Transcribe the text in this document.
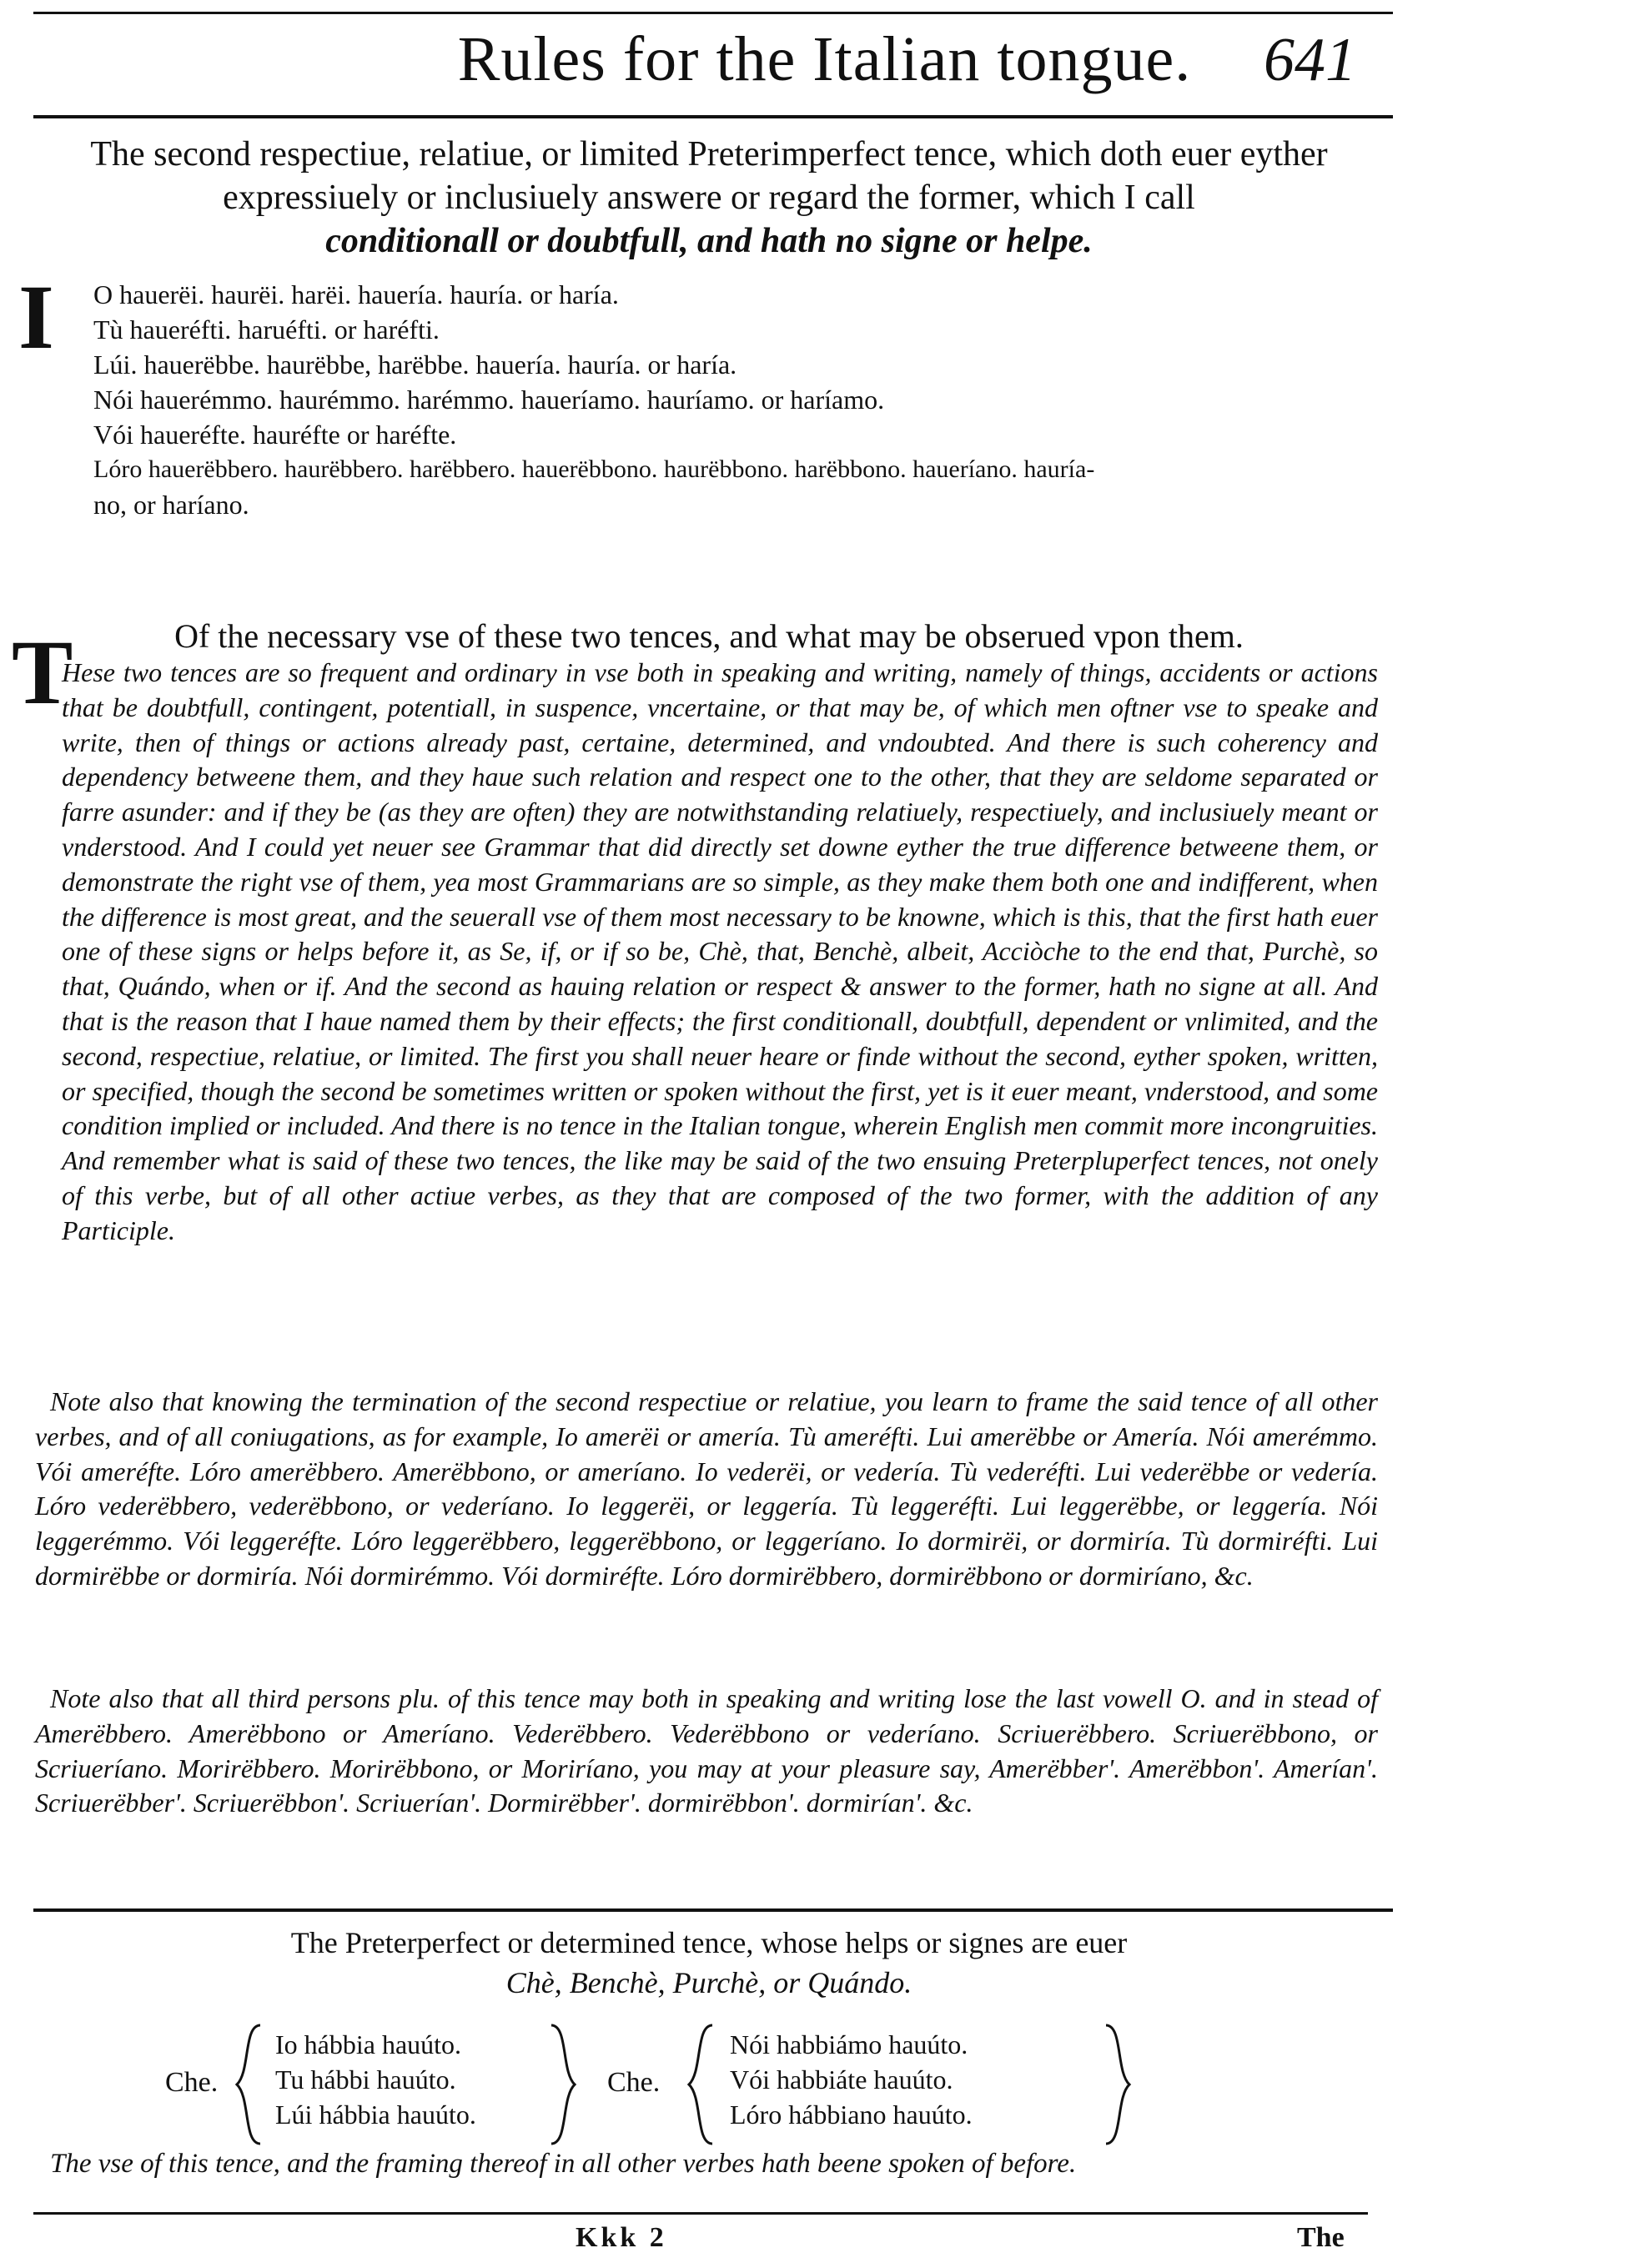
Rules for the Italian tongue.	641
The second respectiue, relatiue, or limited Preterimperfect tence, which doth euer eyther
expressiuely or inclusiuely answere or regard the former, which I call
conditionall or doubtfull, and hath no signe or helpe.
I	O hauerëi. haurëi. harëi. hauería. hauría. or haría.
Tù haueréfti. haruéfti. or haréfti.
Lúi. hauerëbbe. haurëbbe, harëbbe. hauería. hauría. or haría.
Nói hauerémmo. haurémmo. harémmo. haueríamo. hauríamo. or haríamo.
Vói haueréfte. hauréfte or haréfte.
Lóro hauerëbbero. haurëbbero. harëbbero. hauerëbbono. haurëbbono. harëbbono. haueríano. hauría-
no, or haríano.
Of the necessary vse of these two tences, and what may be obserued vpon them.
T
Hese two tences are so frequent and ordinary in vse both in speaking and writing, namely of things, accidents or actions that be doubtfull, contingent, potentiall, in suspence, vncertaine, or that may be, of which men oftner vse to speake and write, then of things or actions already past, certaine, determined, and vndoubted. And there is such coherency and dependency betweene them, and they haue such relation and respect one to the other, that they are seldome separated or farre asunder: and if they be (as they are often) they are notwithstanding relatiuely, respectiuely, and inclusiuely meant or vnderstood. And I could yet neuer see Grammar that did directly set downe eyther the true difference betweene them, or demonstrate the right vse of them, yea most Grammarians are so simple, as they make them both one and indifferent, when the difference is most great, and the seuerall vse of them most necessary to be knowne, which is this, that the first hath euer one of these signs or helps before it, as Se, if, or if so be, Chè, that, Benchè, albeit, Acciòche to the end that, Purchè, so that, Quándo, when or if. And the second as hauing relation or respect & answer to the former, hath no signe at all. And that is the reason that I haue named them by their effects; the first conditionall, doubtfull, dependent or vnlimited, and the second, respectiue, relatiue, or limited. The first you shall neuer heare or finde without the second, eyther spoken, written, or specified, though the second be sometimes written or spoken without the first, yet is it euer meant, vnderstood, and some condition implied or included. And there is no tence in the Italian tongue, wherein English men commit more incongruities. And remember what is said of these two tences, the like may be said of the two ensuing Preterpluperfect tences, not onely of this verbe, but of all other actiue verbes, as they that are composed of the two former, with the addition of any Participle.
Note also that knowing the termination of the second respectiue or relatiue, you learn to frame the said tence of all other verbes, and of all coniugations, as for example, Io amerëi or amería. Tù ameréfti. Lui amerëbbe or Amería. Nói amerémmo. Vói ameréfte. Lóro amerëbbero. Amerëbbono, or ameríano. Io vederëi, or vedería. Tù vederéfti. Lui vederëbbe or vedería. Lóro vederëbbero, vederëbbono, or vederíano. Io leggerëi, or leggería. Tù leggeréfti. Lui leggerëbbe, or leggería. Nói leggerémmo. Vói leggeréfte. Lóro leggerëbbero, leggerëbbono, or leggeríano. Io dormirëi, or dormiría. Tù dormiréfti. Lui dormirëbbe or dormiría. Nói dormirémmo. Vói dormiréfte. Lóro dormirëbbero, dormirëbbono or dormiríano, &c.
Note also that all third persons plu. of this tence may both in speaking and writing lose the last vowell O. and in stead of Amerëbbero. Amerëbbono or Ameríano. Vederëbbero. Vederëbbono or vederíano. Scriuerëbbero. Scriuerëbbono, or Scriueríano. Morirëbbero. Morirëbbono, or Moriríano, you may at your pleasure say, Amerëbber'. Amerëbbon'. Amerían'. Scriuerëbber'. Scriuerëbbon'. Scriuerían'. Dormirëbber'. dormirëbbon'. dormirían'. &c.
The Preterperfect or determined tence, whose helps or signes are euer
Chè, Benchè, Purchè, or Quándo.
Che.
Io hábbia hauúto.
Tu hábbi hauúto.
Lúi hábbia hauúto.
Che.
Nói habbiámo hauúto.
Vói habbiáte hauúto.
Lóro hábbiano hauúto.
The vse of this tence, and the framing thereof in all other verbes hath beene spoken of before.
Kkk 2	The
